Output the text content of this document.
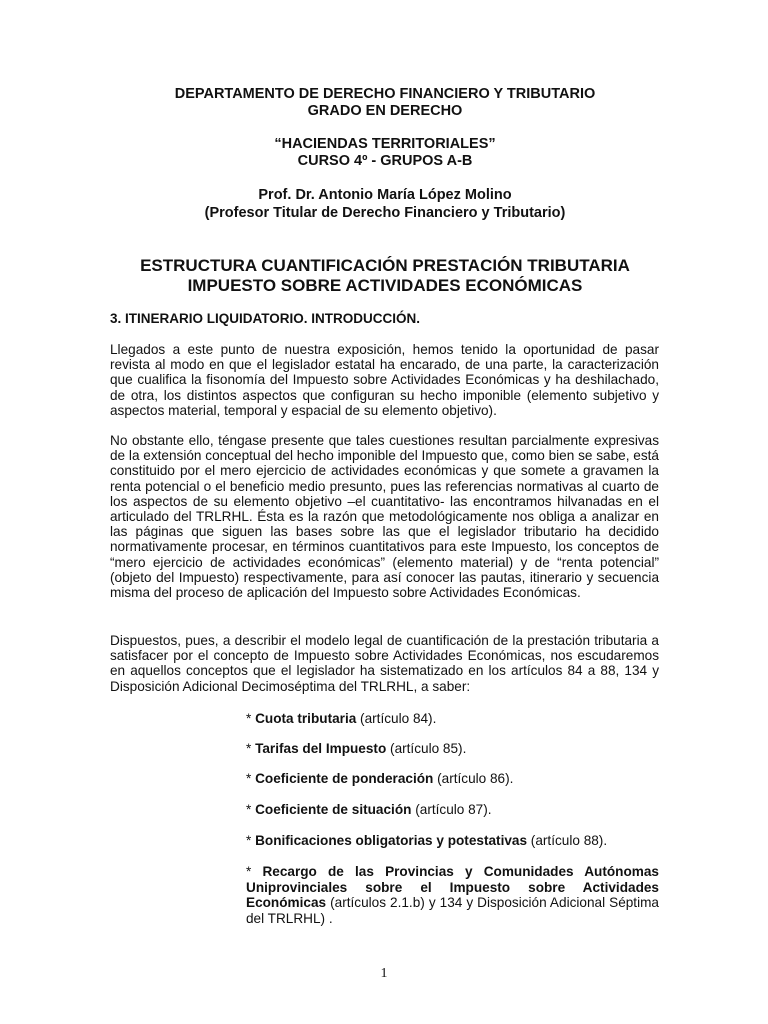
DEPARTAMENTO DE DERECHO FINANCIERO Y TRIBUTARIO
GRADO EN DERECHO
“HACIENDAS TERRITORIALES”
CURSO 4º - GRUPOS A-B
Prof. Dr. Antonio María López Molino
(Profesor Titular de Derecho Financiero y Tributario)
ESTRUCTURA CUANTIFICACIÓN PRESTACIÓN TRIBUTARIA
IMPUESTO SOBRE ACTIVIDADES ECONÓMICAS
3. ITINERARIO LIQUIDATORIO. INTRODUCCIÓN.
Llegados a este punto de nuestra exposición, hemos tenido la oportunidad de pasar revista al modo en que el legislador estatal ha encarado, de una parte, la caracterización que cualifica la fisonomía del Impuesto sobre Actividades Económicas y ha deshilachado, de otra, los distintos aspectos que configuran su hecho imponible (elemento subjetivo y aspectos material, temporal y espacial de su elemento objetivo).
No obstante ello, téngase presente que tales cuestiones resultan parcialmente expresivas de la extensión conceptual del hecho imponible del Impuesto que, como bien se sabe, está constituido por el mero ejercicio de actividades económicas y que somete a gravamen la renta potencial o el beneficio medio presunto, pues las referencias normativas al cuarto de los aspectos de su elemento objetivo –el cuantitativo- las encontramos hilvanadas en el articulado del TRLRHL. Ésta es la razón que metodológicamente nos obliga a analizar en las páginas que siguen las bases sobre las que el legislador tributario ha decidido normativamente procesar, en términos cuantitativos para este Impuesto, los conceptos de “mero ejercicio de actividades económicas” (elemento material) y de “renta potencial” (objeto del Impuesto) respectivamente, para así conocer las pautas, itinerario y secuencia misma del proceso de aplicación del Impuesto sobre Actividades Económicas.
Dispuestos, pues, a describir el modelo legal de cuantificación de la prestación tributaria a satisfacer por el concepto de Impuesto sobre Actividades Económicas, nos escudaremos en aquellos conceptos que el legislador ha sistematizado en los artículos 84 a 88, 134 y Disposición Adicional Decimoséptima del TRLRHL, a saber:
* Cuota tributaria (artículo 84).
* Tarifas del Impuesto (artículo 85).
* Coeficiente de ponderación (artículo 86).
* Coeficiente de situación (artículo 87).
* Bonificaciones obligatorias y potestativas (artículo 88).
* Recargo de las Provincias y Comunidades Autónomas Uniprovinciales sobre el Impuesto sobre Actividades Económicas (artículos 2.1.b) y 134 y Disposición Adicional Séptima del TRLRHL) .
1
